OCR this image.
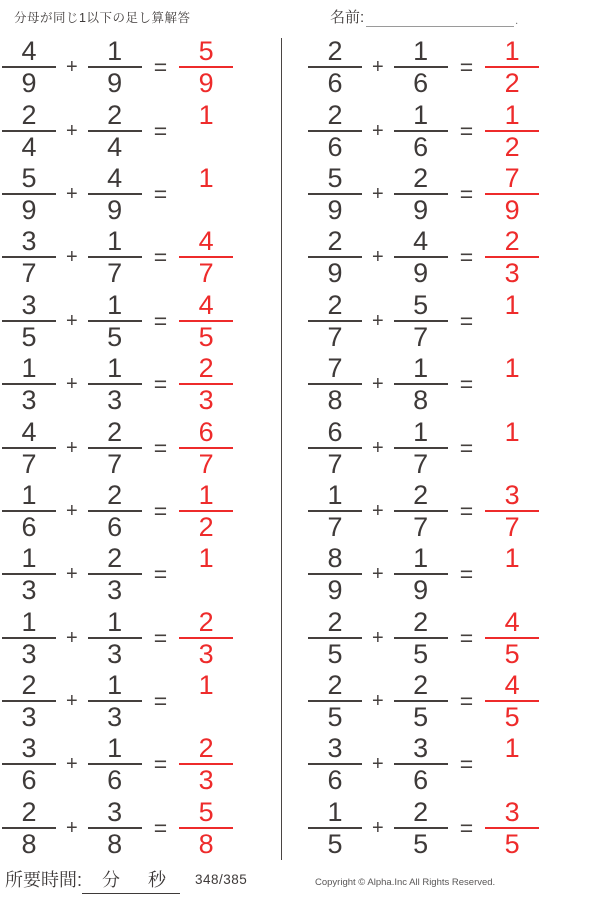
分母が同じ1以下の足し算解答	名前:	.
$\frac{4}{9} + \frac{1}{9} = \frac{5}{9}$
$\frac{2}{4} + \frac{2}{4}$ =
1
$\frac{5}{9} + \frac{4}{9}$ =
1
$\frac{3}{7} + \frac{1}{7} = \frac{4}{7}$
$\frac{3}{5} + \frac{1}{5} = \frac{4}{5}$
$\frac{1}{3} + \frac{1}{3} = \frac{2}{3}$
$\frac{4}{7} + \frac{2}{7} = \frac{6}{7}$
$\frac{1}{6} + \frac{2}{6} = \frac{1}{2}$
$\frac{1}{3} + \frac{2}{3}$ =
1
$\frac{1}{3} + \frac{1}{3} = \frac{2}{3}$
$\frac{2}{3} + \frac{1}{3}$ =
1
$\frac{3}{6} + \frac{1}{6} = \frac{2}{3}$
$\frac{2}{8} + \frac{3}{8} = \frac{5}{8}$
$\frac{2}{6} + \frac{1}{6} = \frac{1}{2}$
$\frac{2}{6} + \frac{1}{6} = \frac{1}{2}$
$\frac{5}{9} + \frac{2}{9} = \frac{7}{9}$
$\frac{2}{9} + \frac{4}{9} = \frac{2}{3}$
$\frac{2}{7} + \frac{5}{7}$ =
1
$\frac{7}{8} + \frac{1}{8}$ =
1
$\frac{6}{7} + \frac{1}{7}$ =
1
$\frac{1}{7} + \frac{2}{7} = \frac{3}{7}$
$\frac{8}{9} + \frac{1}{9}$ =
1
$\frac{2}{5} + \frac{2}{5} = \frac{4}{5}$
$\frac{2}{5} + \frac{2}{5} = \frac{4}{5}$
$\frac{3}{6} + \frac{3}{6}$ =
1
$\frac{1}{5} + \frac{2}{5} = \frac{3}{5}$
所要時間: 分 秒	348/385	Copyright © Alpha.Inc All Rights Reserved.
